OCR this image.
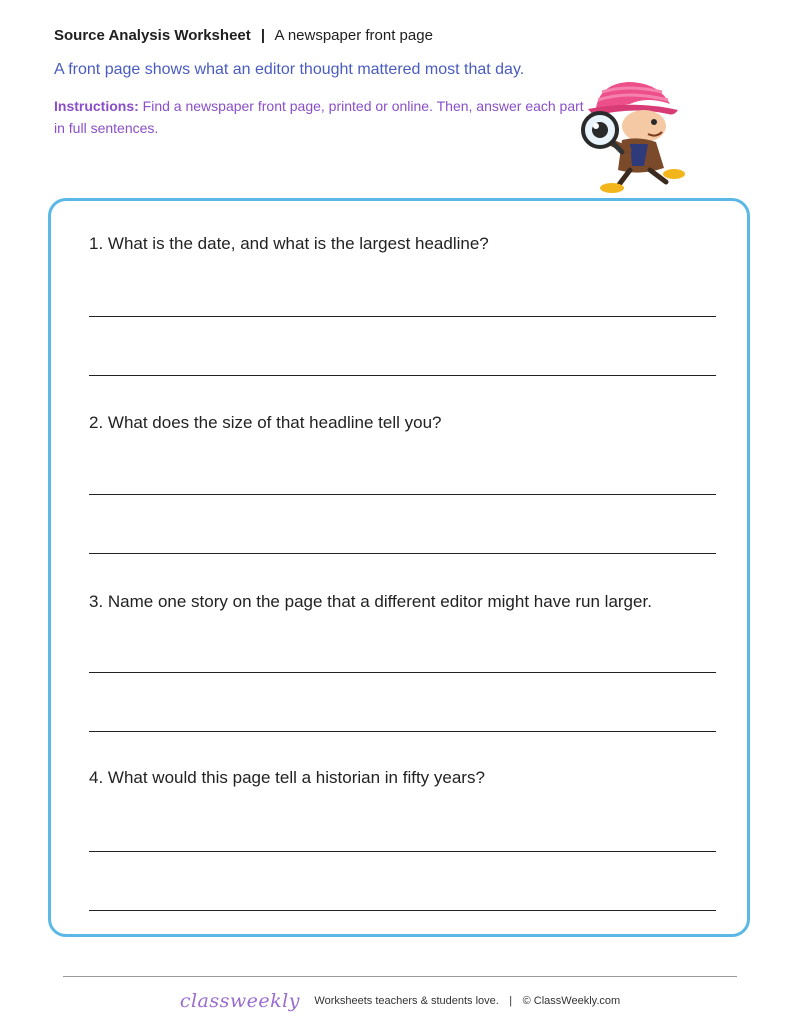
Source Analysis Worksheet | A newspaper front page
A front page shows what an editor thought mattered most that day.
Instructions: Find a newspaper front page, printed or online. Then, answer each part in full sentences.
1. What is the date, and what is the largest headline?
2. What does the size of that headline tell you?
3. Name one story on the page that a different editor might have run larger.
4. What would this page tell a historian in fifty years?
classweekly Worksheets teachers & students love. | © ClassWeekly.com
